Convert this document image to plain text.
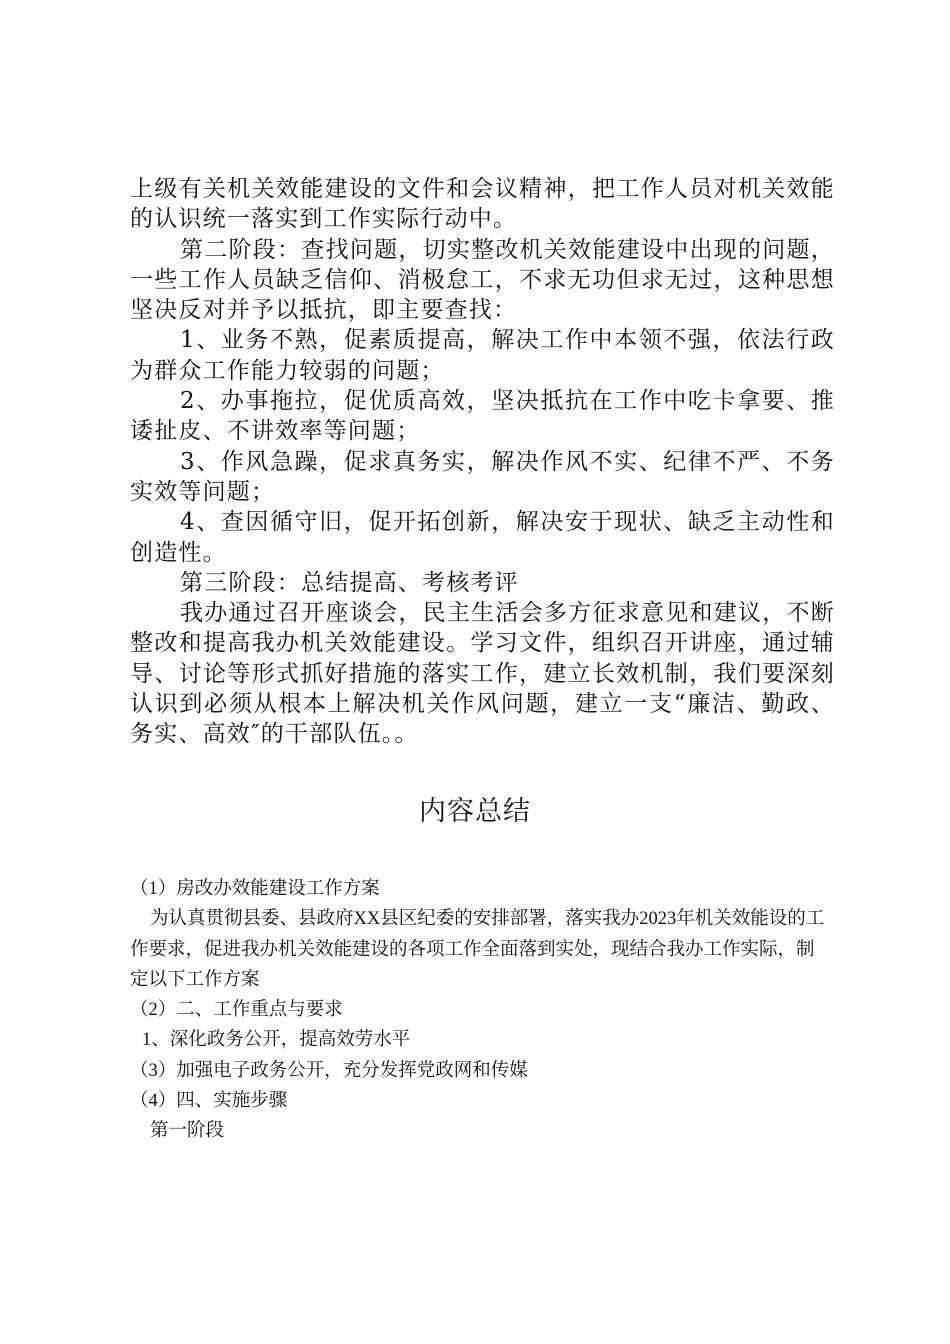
上级有关机关效能建设的文件和会议精神，把工作人员对机关效能的认识统一落实到工作实际行动中。

第二阶段：查找问题，切实整改机关效能建设中出现的问题，一些工作人员缺乏信仰、消极怠工，不求无功但求无过，这种思想坚决反对并予以抵抗，即主要查找：

1、业务不熟，促素质提高，解决工作中本领不强，依法行政为群众工作能力较弱的问题；

2、办事拖拉，促优质高效，坚决抵抗在工作中吃卡拿要、推诿扯皮、不讲效率等问题；

3、作风急躁，促求真务实，解决作风不实、纪律不严、不务实效等问题；

4、查因循守旧，促开拓创新，解决安于现状、缺乏主动性和创造性。

第三阶段：总结提高、考核考评

我办通过召开座谈会，民主生活会多方征求意见和建议，不断整改和提高我办机关效能建设。学习文件，组织召开讲座，通过辅导、讨论等形式抓好措施的落实工作，建立长效机制，我们要深刻认识到必须从根本上解决机关作风问题，建立一支“廉洁、勤政、务实、高效″的干部队伍。。

内容总结

（1）房改办效能建设工作方案

为认真贯彻县委、县政府XX县区纪委的安排部署，落实我办2023年机关效能设的工作要求，促进我办机关效能建设的各项工作全面落到实处，现结合我办工作实际，制定以下工作方案

（2）二、工作重点与要求

1、深化政务公开，提高效劳水平

（3）加强电子政务公开，充分发挥党政网和传媒

（4）四、实施步骤

第一阶段
